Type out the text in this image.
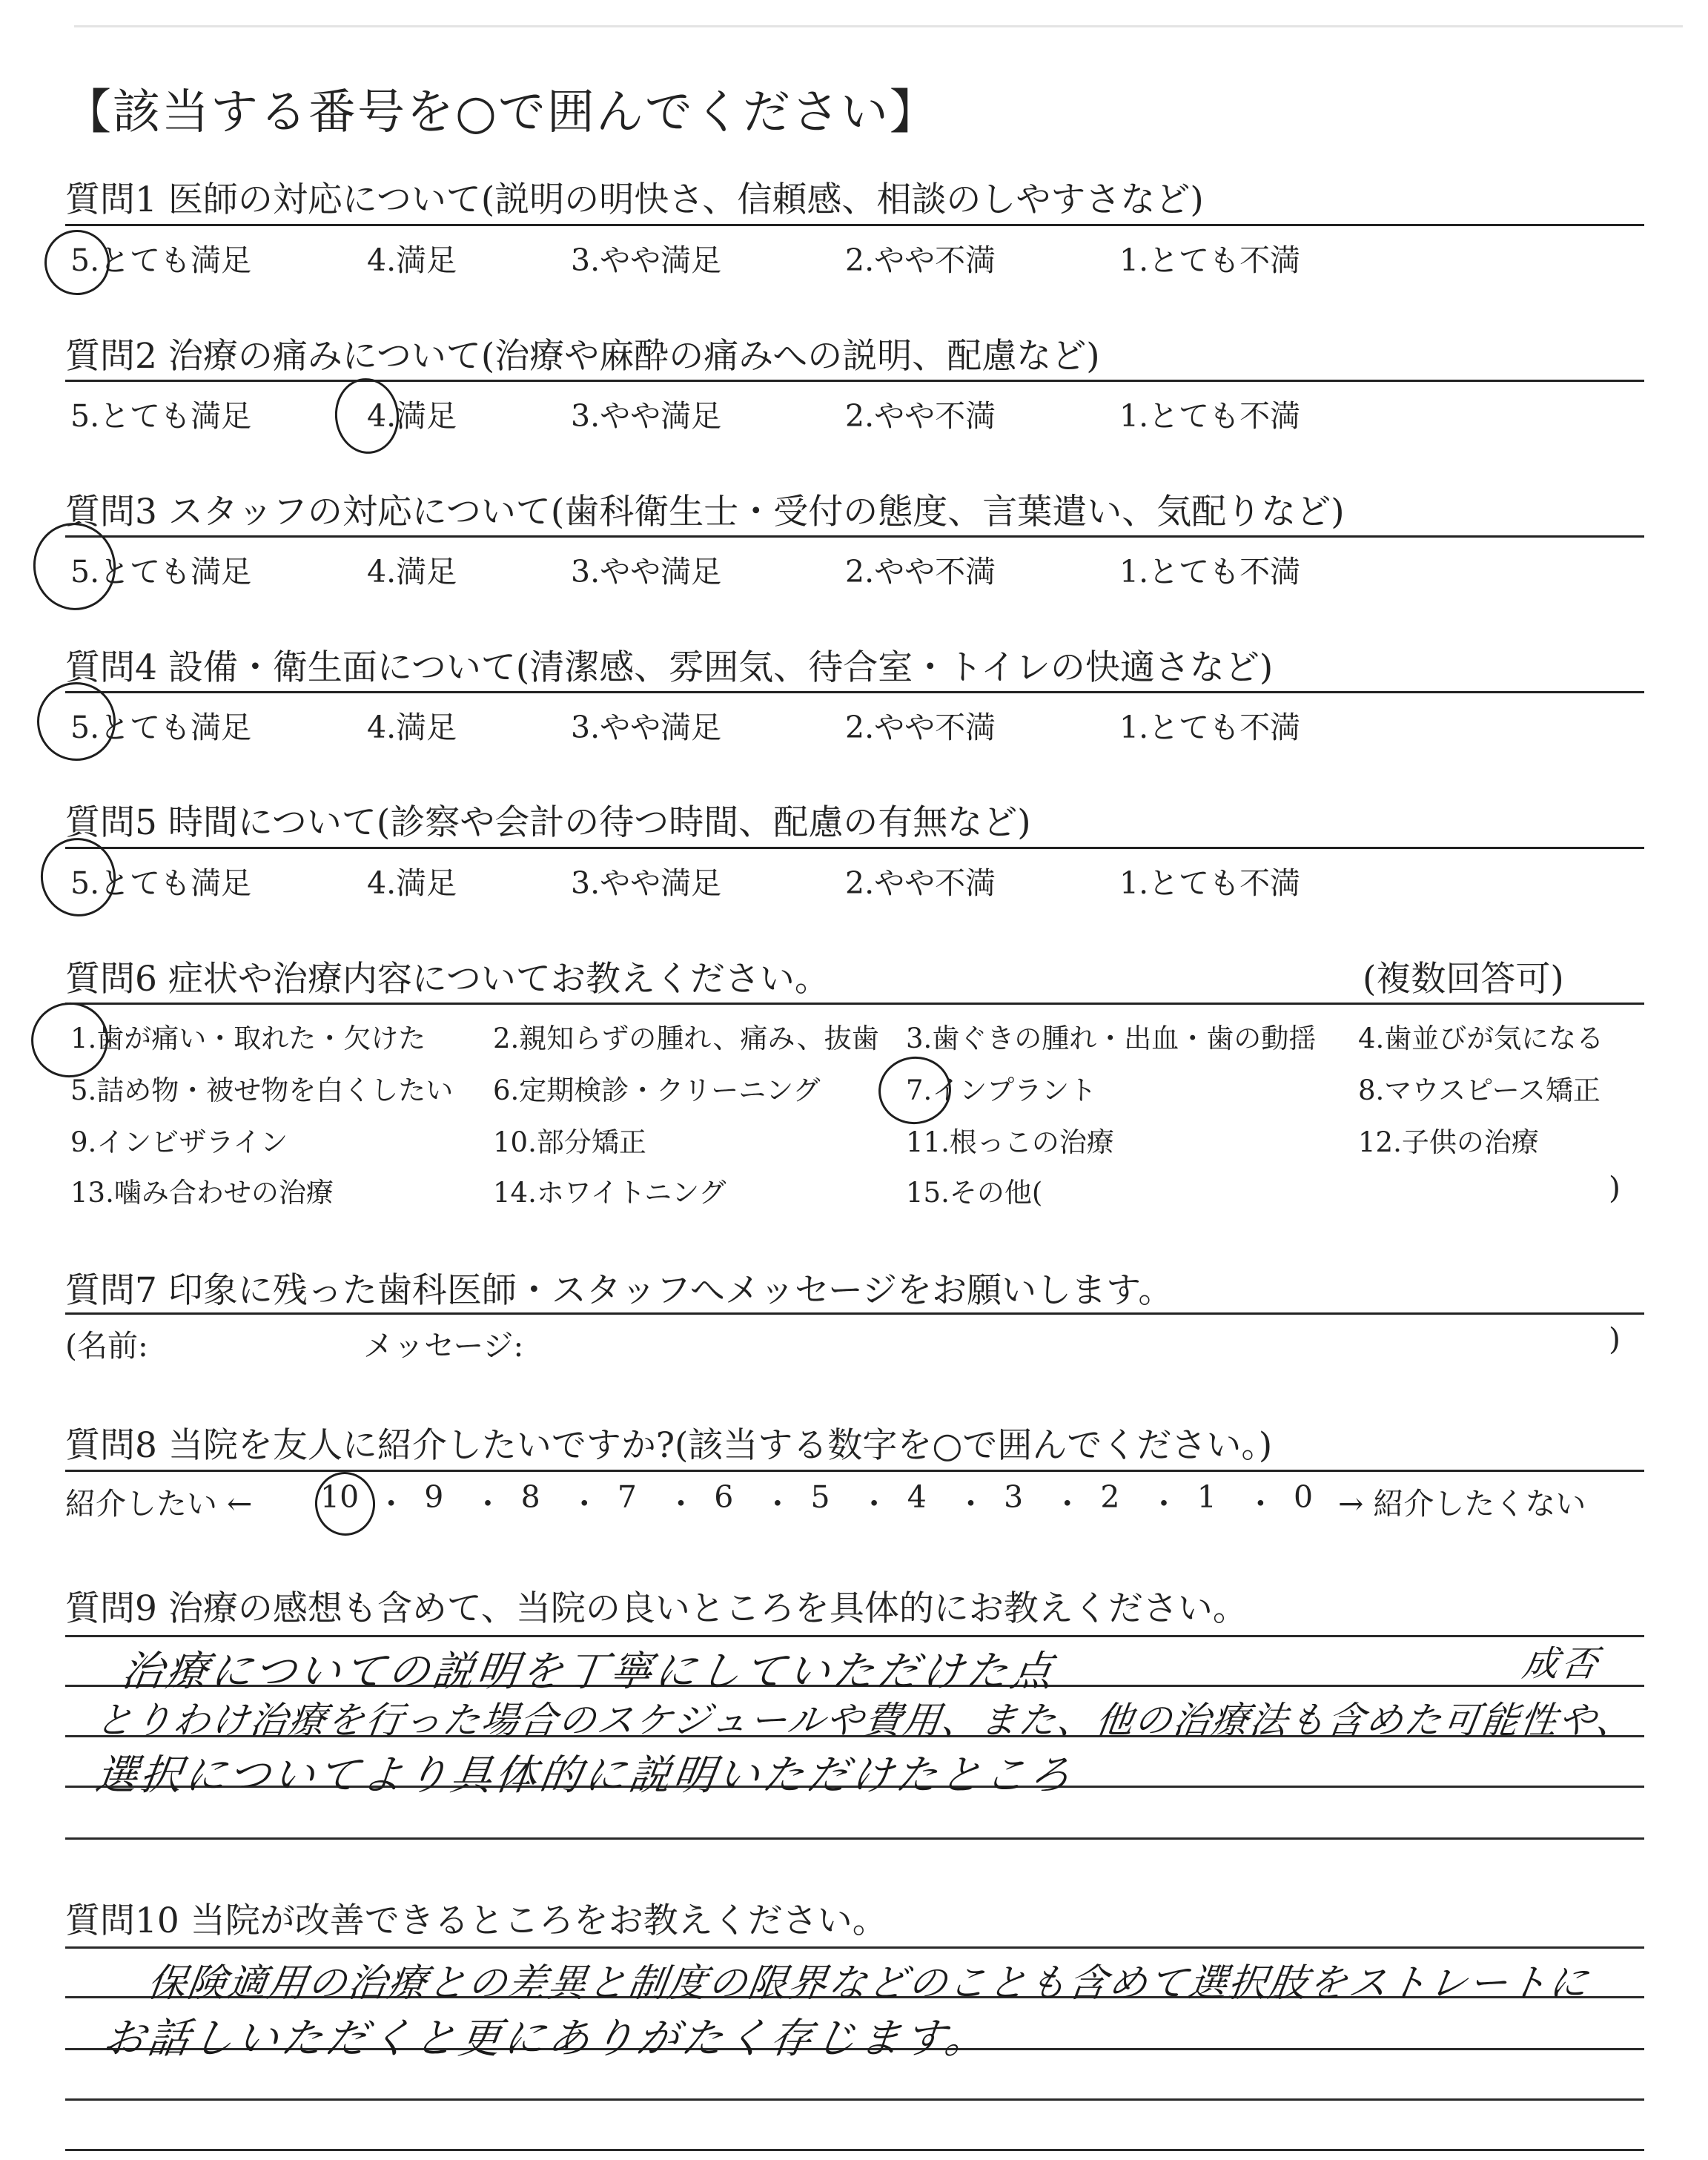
【該当する番号を○で囲んでください】
質問1 医師の対応について(説明の明快さ、信頼感、相談のしやすさなど)
5.とても満足	4.満足	3.やや満足	2.やや不満	1.とても不満
質問2 治療の痛みについて(治療や麻酔の痛みへの説明、配慮など)
5.とても満足	4.満足	3.やや満足	2.やや不満	1.とても不満
質問3 スタッフの対応について(歯科衛生士・受付の態度、言葉遣い、気配りなど)
5.とても満足	4.満足	3.やや満足	2.やや不満	1.とても不満
質問4 設備・衛生面について(清潔感、雰囲気、待合室・トイレの快適さなど)
5.とても満足	4.満足	3.やや満足	2.やや不満	1.とても不満
質問5 時間について(診察や会計の待つ時間、配慮の有無など)
5.とても満足	4.満足	3.やや満足	2.やや不満	1.とても不満
質問6 症状や治療内容についてお教えください。	(複数回答可)
1.歯が痛い・取れた・欠けた 2.親知らずの腫れ、痛み、抜歯 3.歯ぐきの腫れ・出血・歯の動揺 4.歯並びが気になる
5.詰め物・被せ物を白くしたい 6.定期検診・クリーニング	7.インプラント	8.マウスピース矯正
9.インビザライン	10.部分矯正	11.根っこの治療	12.子供の治療
13.噛み合わせの治療	14.ホワイトニング	15.その他(	)
質問7 印象に残った歯科医師・スタッフへメッセージをお願いします。
(名前:	メッセージ:	)
質問8 当院を友人に紹介したいですか?(該当する数字を○で囲んでください。)
紹介したい ←	→ 紹介したくない
10 ・ 9 ・ 8 ・ 7 ・ 6 ・ 5 ・ 4 ・ 3 ・ 2 ・ 1 ・ 0
質問9 治療の感想も含めて、当院の良いところを具体的にお教えください。
治療についての説明を丁寧にしていただけた点	成否
とりわけ治療を行った場合のスケジュールや費用、また、他の治療法も含めた可能性や、
選択についてより具体的に説明いただけたところ
質問10 当院が改善できるところをお教えください。
保険適用の治療との差異と制度の限界などのことも含めて選択肢をストレートに
お話しいただくと更にありがたく存じます。
